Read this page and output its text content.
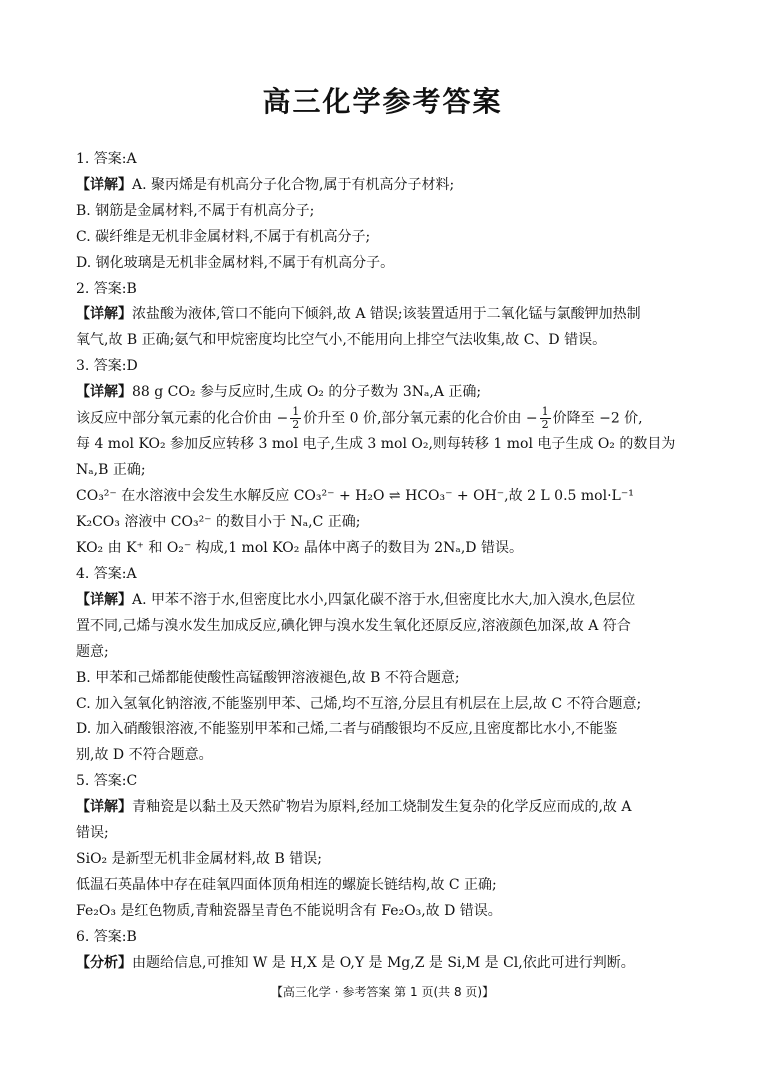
高三化学参考答案
1. 答案:A
【详解】A. 聚丙烯是有机高分子化合物,属于有机高分子材料;
B. 钢筋是金属材料,不属于有机高分子;
C. 碳纤维是无机非金属材料,不属于有机高分子;
D. 钢化玻璃是无机非金属材料,不属于有机高分子。
2. 答案:B
【详解】浓盐酸为液体,管口不能向下倾斜,故 A 错误;该装置适用于二氧化锰与氯酸钾加热制
氧气,故 B 正确;氨气和甲烷密度均比空气小,不能用向上排空气法收集,故 C、D 错误。
3. 答案:D
【详解】88 g CO₂ 参与反应时,生成 O₂ 的分子数为 3Nₐ,A 正确;
该反应中部分氧元素的化合价由 − $\frac{1}{2}$ 价升至 0 价,部分氧元素的化合价由 − $\frac{1}{2}$ 价降至 −2 价,
每 4 mol KO₂ 参加反应转移 3 mol 电子,生成 3 mol O₂,则每转移 1 mol 电子生成 O₂ 的数目为
Nₐ,B 正确;
CO₃²⁻ 在水溶液中会发生水解反应 CO₃²⁻ + H₂O ⇌ HCO₃⁻ + OH⁻,故 2 L 0.5 mol·L⁻¹
K₂CO₃ 溶液中 CO₃²⁻ 的数目小于 Nₐ,C 正确;
KO₂ 由 K⁺ 和 O₂⁻ 构成,1 mol KO₂ 晶体中离子的数目为 2Nₐ,D 错误。
4. 答案:A
【详解】A. 甲苯不溶于水,但密度比水小,四氯化碳不溶于水,但密度比水大,加入溴水,色层位
置不同,己烯与溴水发生加成反应,碘化钾与溴水发生氧化还原反应,溶液颜色加深,故 A 符合
题意;
B. 甲苯和己烯都能使酸性高锰酸钾溶液褪色,故 B 不符合题意;
C. 加入氢氧化钠溶液,不能鉴别甲苯、己烯,均不互溶,分层且有机层在上层,故 C 不符合题意;
D. 加入硝酸银溶液,不能鉴别甲苯和己烯,二者与硝酸银均不反应,且密度都比水小,不能鉴
别,故 D 不符合题意。
5. 答案:C
【详解】青釉瓷是以黏土及天然矿物岩为原料,经加工烧制发生复杂的化学反应而成的,故 A
错误;
SiO₂ 是新型无机非金属材料,故 B 错误;
低温石英晶体中存在硅氧四面体顶角相连的螺旋长链结构,故 C 正确;
Fe₂O₃ 是红色物质,青釉瓷器呈青色不能说明含有 Fe₂O₃,故 D 错误。
6. 答案:B
【分析】由题给信息,可推知 W 是 H,X 是 O,Y 是 Mg,Z 是 Si,M 是 Cl,依此可进行判断。
【高三化学 · 参考答案 第 1 页(共 8 页)】
